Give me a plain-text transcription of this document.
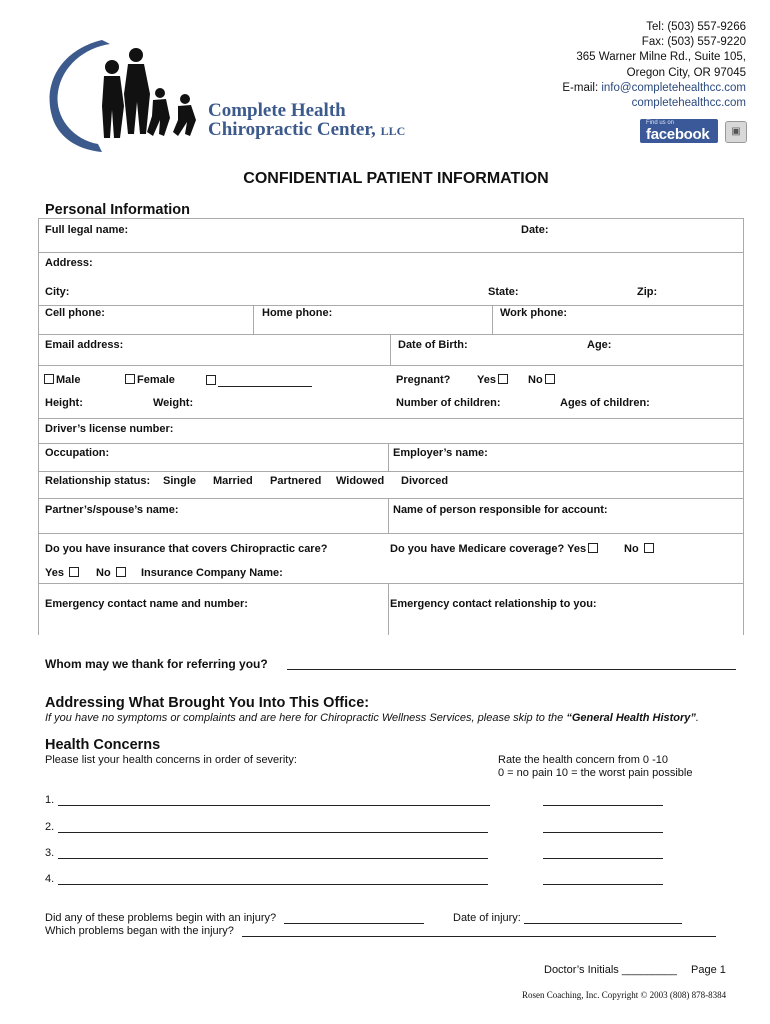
Complete Health
Chiropractic Center, LLC
Tel: (503) 557-9266
Fax: (503) 557-9220
365 Warner Milne Rd., Suite 105,
Oregon City, OR 97045
E-mail: info@completehealthcc.com
completehealthcc.com
Find us on
facebook	▣
CONFIDENTIAL PATIENT INFORMATION
Personal Information
Full legal name:	Date:
Address:
City:	State:	Zip:
Cell phone:	Home phone:	Work phone:
Email address:	Date of Birth:	Age:
Male	Female	Pregnant? Yes	No
Height:	Weight:	Number of children:	Ages of children:
Driver’s license number:
Occupation:	Employer’s name:
Relationship status: Single Married Partnered Widowed Divorced
Partner’s/spouse’s name:	Name of person responsible for account:
Do you have insurance that covers Chiropractic care?	Do you have Medicare coverage? Yes	No
Yes	No	Insurance Company Name:
Emergency contact name and number:	Emergency contact relationship to you:
Whom may we thank for referring you?
Addressing What Brought You Into This Office:
If you have no symptoms or complaints and are here for Chiropractic Wellness Services, please skip to the “General Health History”.
Health Concerns
Please list your health concerns in order of severity:	Rate the health concern from 0 -10
0 = no pain 10 = the worst pain possible
1.
2.
3.
4.
Did any of these problems begin with an injury?	Date of injury:
Which problems began with the injury?
Doctor’s Initials _________ Page 1
Rosen Coaching, Inc. Copyright © 2003 (808) 878-8384
